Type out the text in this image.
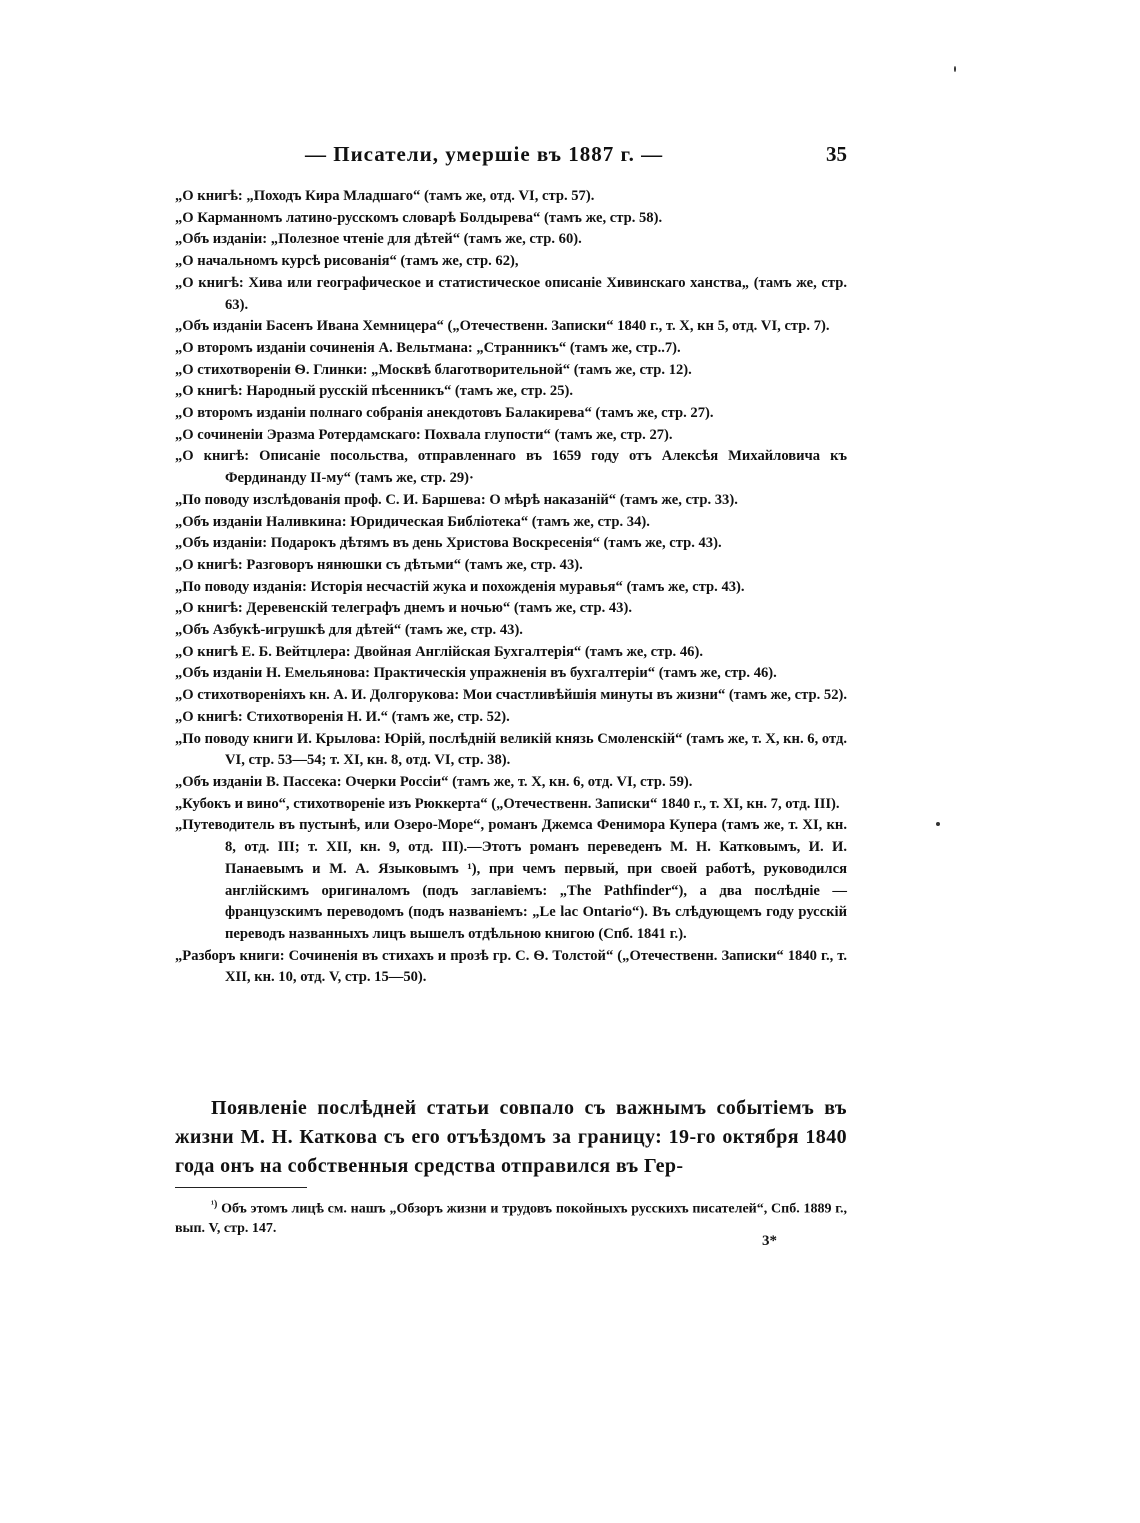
— Писатели, умершіе въ 1887 г. —	35

„О книгѣ: „Походъ Кира Младшаго“ (тамъ же, отд. VI, стр. 57).

„О Карманномъ латино-русскомъ словарѣ Болдырева“ (тамъ же, стр. 58).

„Объ изданіи: „Полезное чтеніе для дѣтей“ (тамъ же, стр. 60).

„О начальномъ курсѣ рисованія“ (тамъ же, стр. 62),

„О книгѣ: Хива или географическое и статистическое описаніе Хивинскаго ханства„ (тамъ же, стр. 63).

„Объ изданіи Басенъ Ивана Хемницера“ („Отечественн. Записки“ 1840 г., т. X, кн 5, отд. VI, стр. 7).

„О второмъ изданіи сочиненія А. Вельтмана: „Странникъ“ (тамъ же, стр..7).

„О стихотвореніи Ѳ. Глинки: „Москвѣ благотворительной“ (тамъ же, стр. 12).

„О книгѣ: Народный русскій пѣсенникъ“ (тамъ же, стр. 25).

„О второмъ изданіи полнаго собранія анекдотовъ Балакирева“ (тамъ же, стр. 27).

„О сочиненіи Эразма Ротердамскаго: Похвала глупости“ (тамъ же, стр. 27).

„О книгѣ: Описаніе посольства, отправленнаго въ 1659 году отъ Алексѣя Михайловича къ Фердинанду II-му“ (тамъ же, стр. 29)·

„По поводу изслѣдованія проф. С. И. Баршева: О мѣрѣ наказаній“ (тамъ же, стр. 33).

„Объ изданіи Наливкина: Юридическая Библіотека“ (тамъ же, стр. 34).

„Объ изданіи: Подарокъ дѣтямъ въ день Христова Воскресенія“ (тамъ же, стр. 43).

„О книгѣ: Разговоръ нянюшки съ дѣтьми“ (тамъ же, стр. 43).

„По поводу изданія: Исторія несчастій жука и похожденія муравья“ (тамъ же, стр. 43).

„О книгѣ: Деревенскій телеграфъ днемъ и ночью“ (тамъ же, стр. 43).

„Объ Азбукѣ-игрушкѣ для дѣтей“ (тамъ же, стр. 43).

„О книгѣ Е. Б. Вейтцлера: Двойная Англійская Бухгалтерія“ (тамъ же, стр. 46).

„Объ изданіи Н. Емельянова: Практическія упражненія въ бухгалтеріи“ (тамъ же, стр. 46).

„О стихотвореніяхъ кн. А. И. Долгорукова: Мои счастливѣйшія минуты въ жизни“ (тамъ же, стр. 52).

„О книгѣ: Стихотворенія Н. И.“ (тамъ же, стр. 52).

„По поводу книги И. Крылова: Юрій, послѣдній великій князь Смоленскій“ (тамъ же, т. X, кн. 6, отд. VI, стр. 53—54; т. XI, кн. 8, отд. VI, стр. 38).

„Объ изданіи В. Пассека: Очерки Россіи“ (тамъ же, т. X, кн. 6, отд. VI, стр. 59).

„Кубокъ и вино“, стихотвореніе изъ Рюккерта“ („Отечественн. Записки“ 1840 г., т. XI, кн. 7, отд. III).

„Путеводитель въ пустынѣ, или Озеро-Море“, романъ Джемса Фенимора Купера (тамъ же, т. XI, кн. 8, отд. III; т. XII, кн. 9, отд. III).—Этотъ романъ переведенъ М. Н. Катковымъ, И. И. Панаевымъ и М. А. Языковымъ ¹), при чемъ первый, при своей работѣ, руководился англійскимъ оригиналомъ (подъ заглавіемъ: „The Pathfinder“), а два послѣдніе — французскимъ переводомъ (подъ названіемъ: „Le lac Ontario“). Въ слѣдующемъ году русскій переводъ названныхъ лицъ вышелъ отдѣльною книгою (Спб. 1841 г.).

„Разборъ книги: Сочиненія въ стихахъ и прозѣ гр. С. Ѳ. Толстой“ („Отечественн. Записки“ 1840 г., т. XII, кн. 10, отд. V, стр. 15—50).

Появленіе послѣдней статьи совпало съ важнымъ событіемъ въ жизни М. Н. Каткова съ его отъѣздомъ за границу: 19-го октября 1840 года онъ на собственныя средства отправился въ Гер-

$^{^1)}$ Объ этомъ лицѣ см. нашъ „Обзоръ жизни и трудовъ покойныхъ русскихъ писателей“, Спб. 1889 г., вып. V, стр. 147.

3*
